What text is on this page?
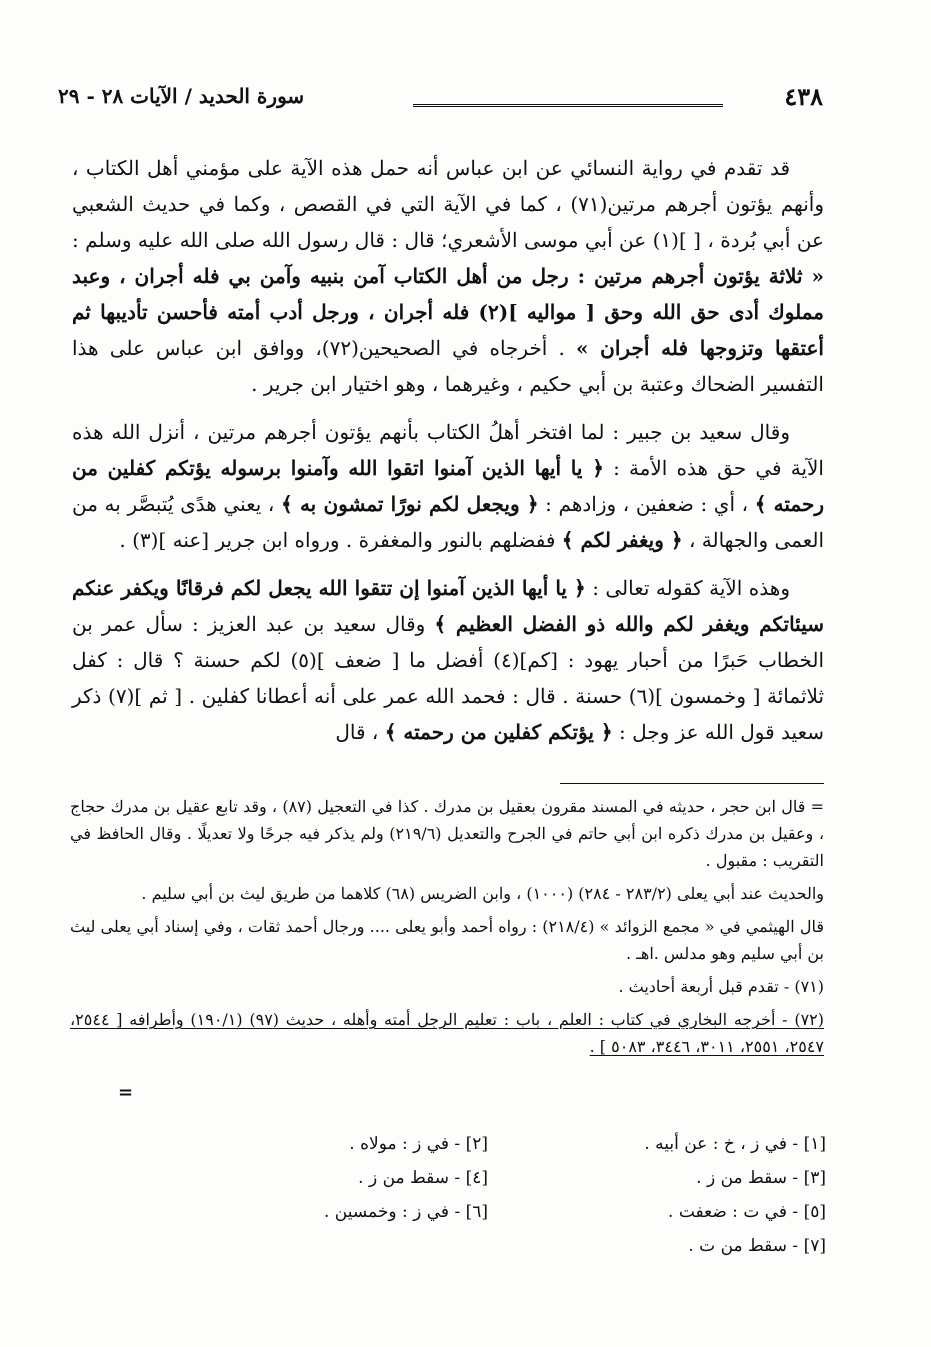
٤٣٨
سورة الحديد / الآيات ٢٨ - ٢٩

قد تقدم في رواية النسائي عن ابن عباس أنه حمل هذه الآية على مؤمني أهل الكتاب ، وأنهم يؤتون أجرهم مرتين(٧١) ، كما في الآية التي في القصص ، وكما في حديث الشعبي عن أبي بُردة ، [ ](١) عن أبي موسى الأشعري؛ قال : قال رسول الله صلى الله عليه وسلم : « ثلاثة يؤتون أجرهم مرتين : رجل من أهل الكتاب آمن بنبيه وآمن بي فله أجران ، وعبد مملوك أدى حق الله وحق [ مواليه ](٢) فله أجران ، ورجل أدب أمته فأحسن تأديبها ثم أعتقها وتزوجها فله أجران » . أخرجاه في الصحيحين(٧٢)، ووافق ابن عباس على هذا التفسير الضحاك وعتبة بن أبي حكيم ، وغيرهما ، وهو اختيار ابن جرير .

وقال سعيد بن جبير : لما افتخر أهلُ الكتاب بأنهم يؤتون أجرهم مرتين ، أنزل الله هذه الآية في حق هذه الأمة : ﴿ يا أيها الذين آمنوا اتقوا الله وآمنوا برسوله يؤتكم كفلين من رحمته ﴾ ، أي : ضعفين ، وزادهم : ﴿ ويجعل لكم نورًا تمشون به ﴾ ، يعني هدًى يُتبصَّر به من العمى والجهالة ، ﴿ ويغفر لكم ﴾ ففضلهم بالنور والمغفرة . ورواه ابن جرير [عنه ](٣) .

وهذه الآية كقوله تعالى : ﴿ يا أيها الذين آمنوا إن تتقوا الله يجعل لكم فرقانًا ويكفر عنكم سيئاتكم ويغفر لكم والله ذو الفضل العظيم ﴾ وقال سعيد بن عبد العزيز : سأل عمر بن الخطاب حَبرًا من أحبار يهود : [كم](٤) أفضل ما [ ضعف ](٥) لكم حسنة ؟ قال : كفل ثلاثمائة [ وخمسون ](٦) حسنة . قال : فحمد الله عمر على أنه أعطانا كفلين . [ ثم ](٧) ذكر سعيد قول الله عز وجل : ﴿ يؤتكم كفلين من رحمته ﴾ ، قال

= قال ابن حجر ، حديثه في المسند مقرون بعقيل بن مدرك . كذا في التعجيل (٨٧) ، وقد تابع عقيل بن مدرك حجاج ، وعقيل بن مدرك ذكره ابن أبي حاتم في الجرح والتعديل (٢١٩/٦) ولم يذكر فيه جرحًا ولا تعديلًا . وقال الحافظ في التقريب : مقبول .

والحديث عند أبي يعلى (٢٨٣/٢ - ٢٨٤) (١٠٠٠) ، وابن الضريس (٦٨) كلاهما من طريق ليث بن أبي سليم .

قال الهيثمي في « مجمع الزوائد » (٢١٨/٤) : رواه أحمد وأبو يعلى .... ورجال أحمد ثقات ، وفي إسناد أبي يعلى ليث بن أبي سليم وهو مدلس .اهـ .

(٧١) - تقدم قبل أربعة أحاديث .

(٧٢) - أخرجه البخاري في كتاب : العلم ، باب : تعليم الرجل أمته وأهله ، حديث (٩٧) (١٩٠/١) وأطرافه [ ٢٥٤٤، ٢٥٤٧، ٢٥٥١، ٣٠١١، ٣٤٤٦، ٥٠٨٣ ] .

=
[١] - في ز ، خ : عن أبيه .
[٢] - في ز : مولاه .
[٣] - سقط من ز .
[٤] - سقط من ز .
[٥] - في ت : ضعفت .
[٦] - في ز : وخمسين .
[٧] - سقط من ت .
